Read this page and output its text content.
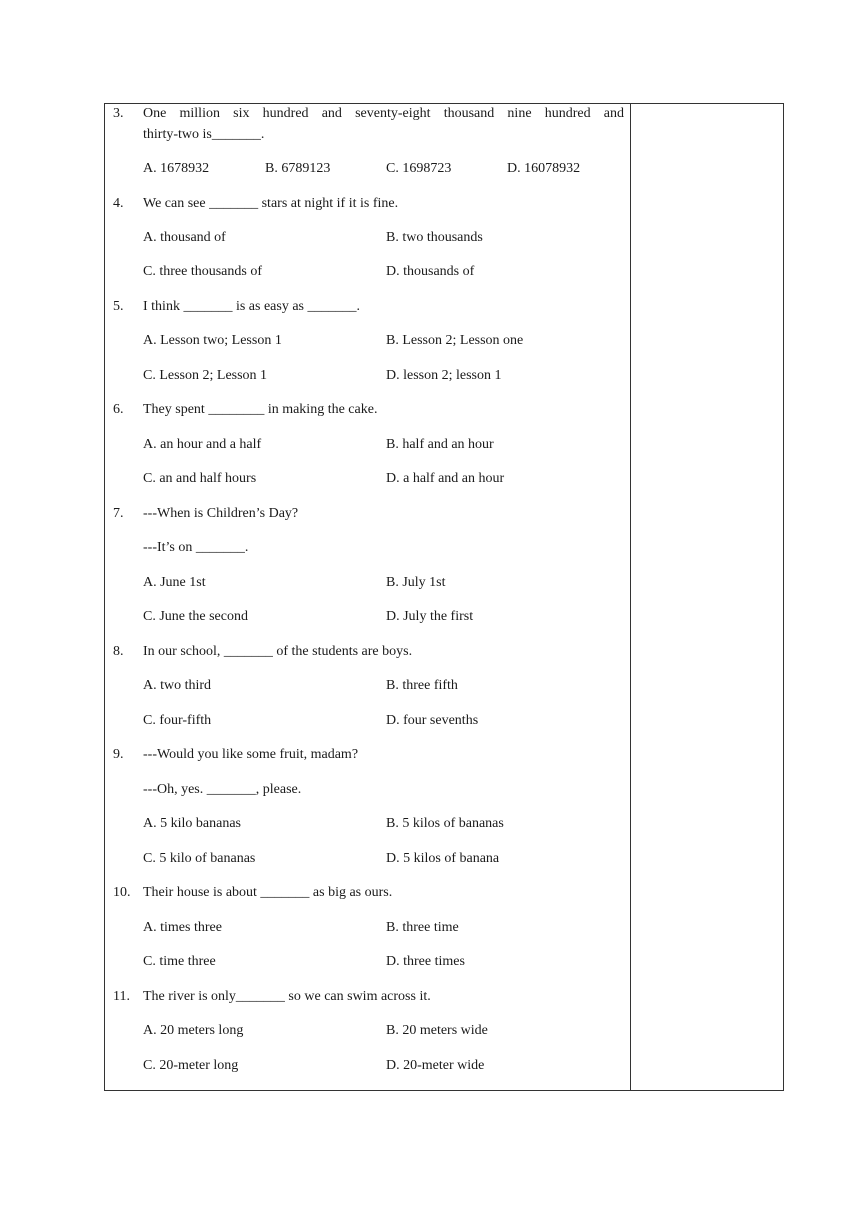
3. One million six hundred and seventy-eight thousand nine hundred and
thirty-two is_______.
A. 1678932	B. 6789123	C. 1698723	D. 16078932
4. We can see _______ stars at night if it is fine.
A. thousand of	B. two thousands
C. three thousands of	D. thousands of
5. I think _______ is as easy as _______.
A. Lesson two; Lesson 1	B. Lesson 2; Lesson one
C. Lesson 2; Lesson 1	D. lesson 2; lesson 1
6. They spent ________ in making the cake.
A. an hour and a half	B. half and an hour
C. an and half hours	D. a half and an hour
7. ---When is Children’s Day?
---It’s on _______.
A. June 1st	B. July 1st
C. June the second	D. July the first
8. In our school, _______ of the students are boys.
A. two third	B. three fifth
C. four-fifth	D. four sevenths
9. ---Would you like some fruit, madam?
---Oh, yes. _______, please.
A. 5 kilo bananas	B. 5 kilos of bananas
C. 5 kilo of bananas	D. 5 kilos of banana
10. Their house is about _______ as big as ours.
A. times three	B. three time
C. time three	D. three times
11. The river is only_______ so we can swim across it.
A. 20 meters long	B. 20 meters wide
C. 20-meter long	D. 20-meter wide
